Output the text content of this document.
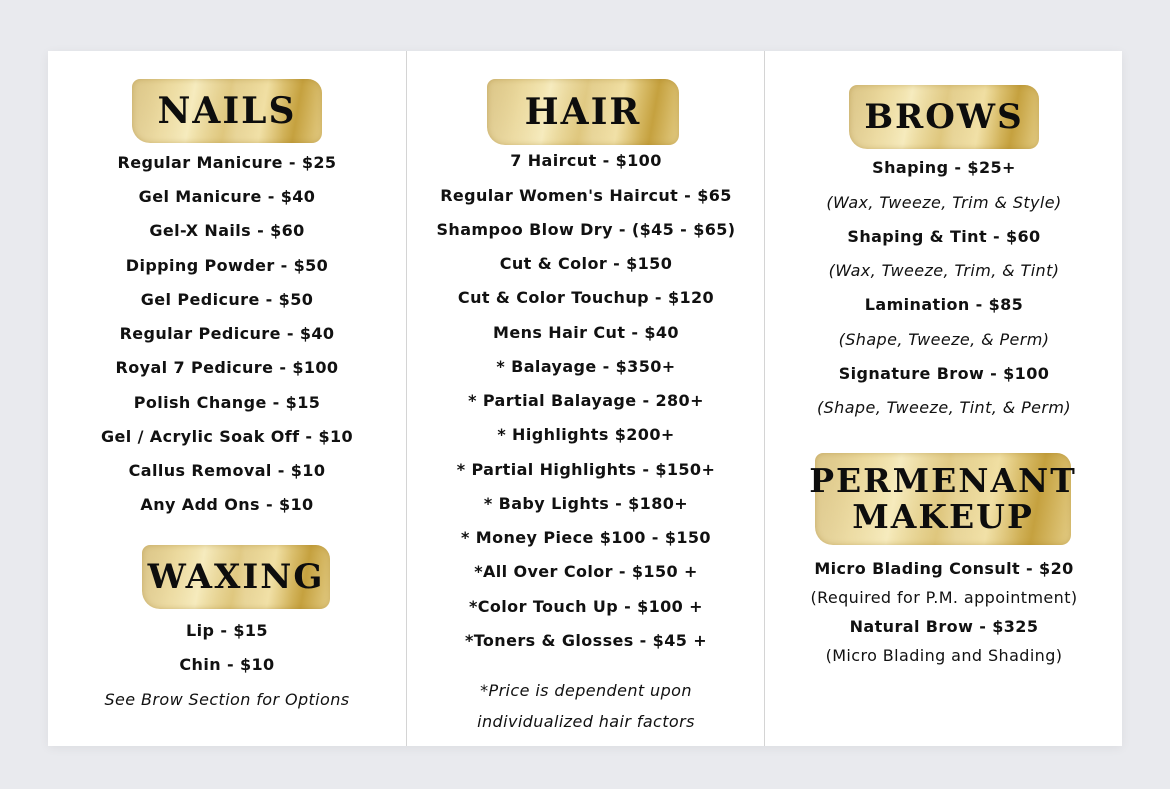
NAILS
Regular Manicure - $25
Gel Manicure - $40
Gel-X Nails - $60
Dipping Powder - $50
Gel Pedicure - $50
Regular Pedicure - $40
Royal 7 Pedicure - $100
Polish Change - $15
Gel / Acrylic Soak Off - $10
Callus Removal - $10
Any Add Ons - $10
WAXING
Lip - $15
Chin - $10
See Brow Section for Options
HAIR
7 Haircut - $100
Regular Women's Haircut - $65
Shampoo Blow Dry - ($45 - $65)
Cut & Color - $150
Cut & Color Touchup - $120
Mens Hair Cut - $40
* Balayage - $350+
* Partial Balayage - 280+
* Highlights $200+
* Partial Highlights - $150+
* Baby Lights - $180+
* Money Piece $100 - $150
*All Over Color - $150 +
*Color Touch Up - $100 +
*Toners & Glosses - $45 +
*Price is dependent upon
individualized hair factors
BROWS
Shaping - $25+
(Wax, Tweeze, Trim & Style)
Shaping & Tint - $60
(Wax, Tweeze, Trim, & Tint)
Lamination - $85
(Shape, Tweeze, & Perm)
Signature Brow - $100
(Shape, Tweeze, Tint, & Perm)
PERMENANT
MAKEUP
Micro Blading Consult - $20
(Required for P.M. appointment)
Natural Brow - $325
(Micro Blading and Shading)
